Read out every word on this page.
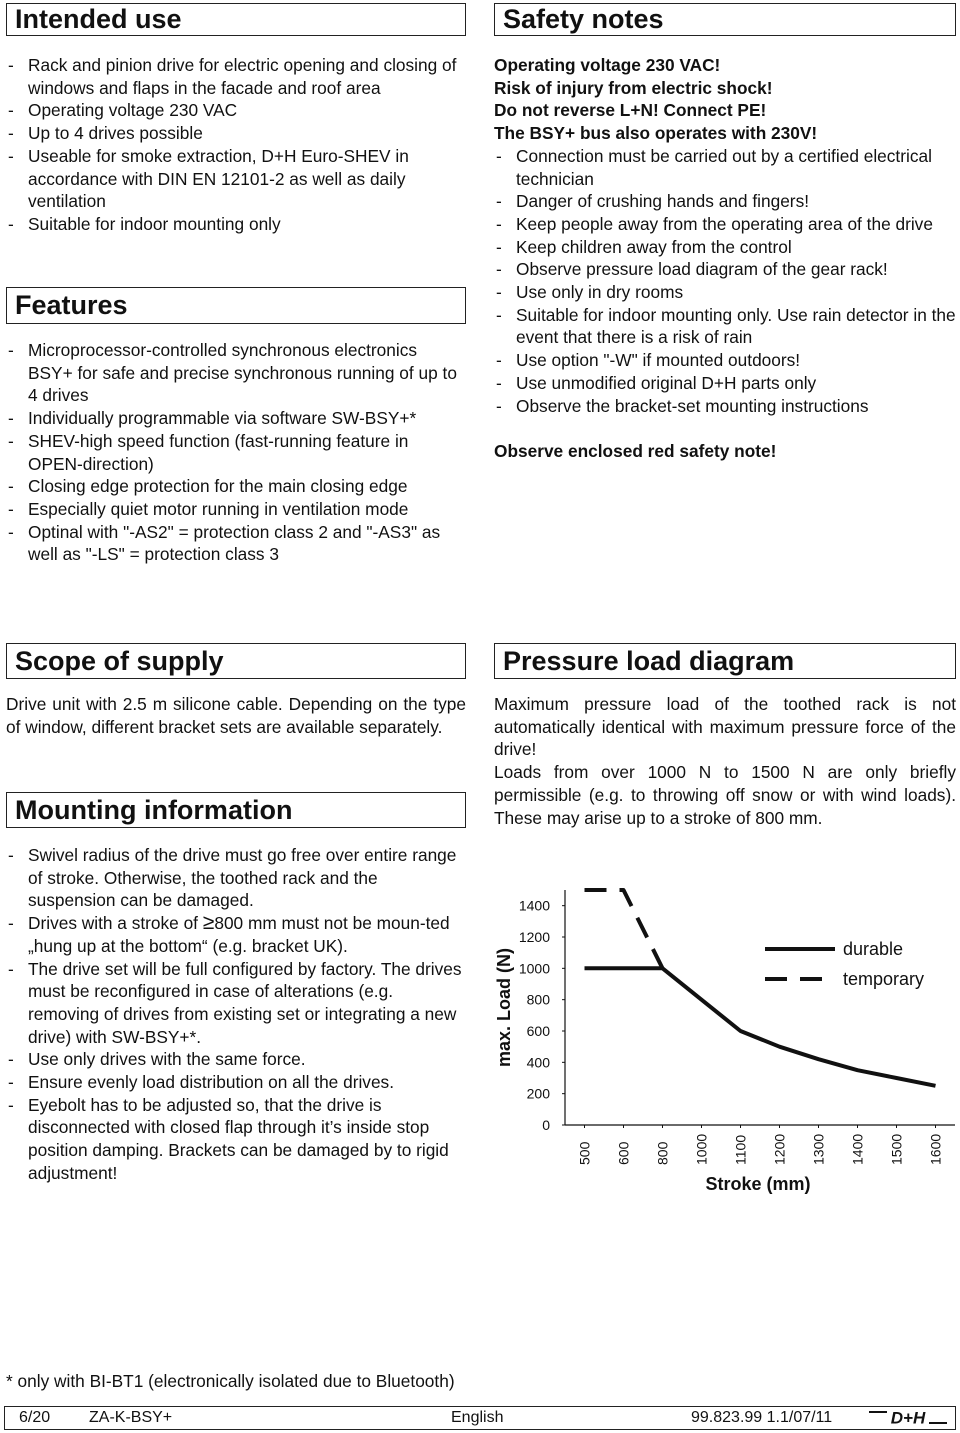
Intended use
- Rack and pinion drive for electric opening and closing of windows and flaps in the facade and roof area
- Operating voltage 230 VAC
- Up to 4 drives possible
- Useable for smoke extraction, D+H Euro-SHEV in accordance with DIN EN 12101-2 as well as daily ventilation
- Suitable for indoor mounting only
Features
- Microprocessor-controlled synchronous electronics BSY+ for safe and precise synchronous running of up to 4 drives
- Individually programmable via software SW-BSY+*
- SHEV-high speed function (fast-running feature in OPEN-direction)
- Closing edge protection for the main closing edge
- Especially quiet motor running in ventilation mode
- Optinal with "-AS2" = protection class 2 and "-AS3" as well as "-LS" = protection class 3
Safety notes
Operating voltage 230 VAC!
Risk of injury from electric shock!
Do not reverse L+N! Connect PE!
The BSY+ bus also operates with 230V!
- Connection must be carried out by a certified electrical technician
- Danger of crushing hands and fingers!
- Keep people away from the operating area of the drive
- Keep children away from the control
- Observe pressure load diagram of the gear rack!
- Use only in dry rooms
- Suitable for indoor mounting only. Use rain detector in the event that there is a risk of rain
- Use option "-W" if mounted outdoors!
- Use unmodified original D+H parts only
- Observe the bracket-set mounting instructions
Observe enclosed red safety note!
Scope of supply

Drive unit with 2.5 m silicone cable. Depending on the type of window, different bracket sets are available separately.

Mounting information
- Swivel radius of the drive must go free over entire range of stroke. Otherwise, the toothed rack and the suspension can be damaged.
- Drives with a stroke of ≥800 mm must not be moun-ted „hung up at the bottom“ (e.g. bracket UK).
- The drive set will be full configured by factory. The drives must be reconfigured in case of alterations (e.g. removing of drives from existing set or integrating a new drive) with SW-BSY+*.
- Use only drives with the same force.
- Ensure evenly load distribution on all the drives.
- Eyebolt has to be adjusted so, that the drive is disconnected with closed flap through it’s inside stop position damping. Brackets can be damaged by to rigid adjustment!
Pressure load diagram

Maximum pressure load of the toothed rack is not automatically identical with maximum pressure force of the drive!

Loads from over 1000 N to 1500 N are only briefly permissible (e.g. to throwing off snow or with wind loads). These may arise up to a stroke of 800 mm.

0
200
400
600
800
1000
1200
1400
500 600 800 1000 1100 1200 1300 1400 1500 1600
max. Load (N)
Stroke (mm)
durable
temporary
* only with BI-BT1 (electronically isolated due to Bluetooth)
6/20 ZA-K-BSY+	English	99.823.99 1.1/07/11	D+H
